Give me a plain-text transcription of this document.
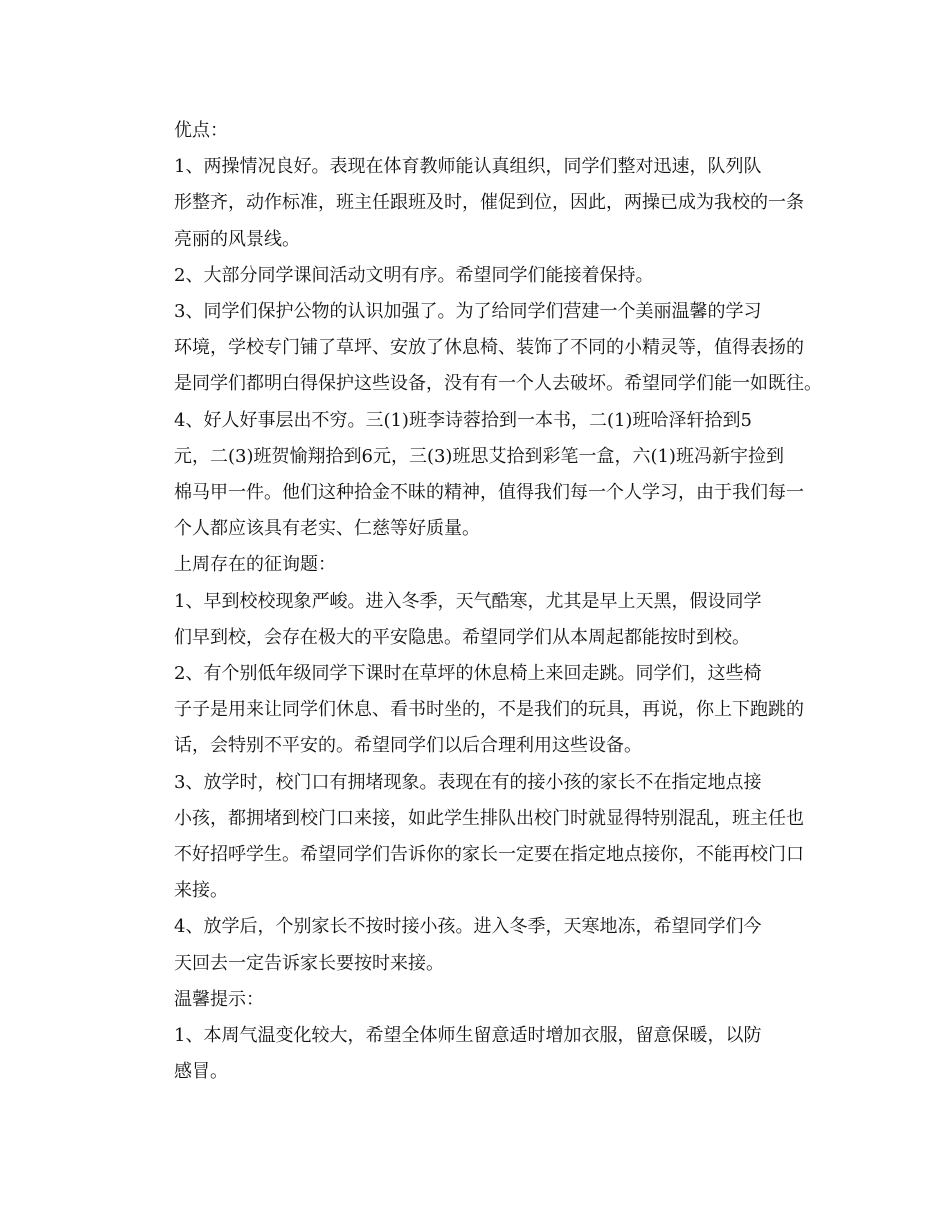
优点：

1、两操情况良好。表现在体育教师能认真组织，同学们整对迅速，队列队
形整齐，动作标准，班主任跟班及时，催促到位，因此，两操已成为我校的一条
亮丽的风景线。

2、大部分同学课间活动文明有序。希望同学们能接着保持。

3、同学们保护公物的认识加强了。为了给同学们营建一个美丽温馨的学习
环境，学校专门铺了草坪、安放了休息椅、装饰了不同的小精灵等，值得表扬的
是同学们都明白得保护这些设备，没有有一个人去破坏。希望同学们能一如既往。

4、好人好事层出不穷。三(1)班李诗蓉拾到一本书，二(1)班哈泽轩拾到5
元，二(3)班贺愉翔拾到6元，三(3)班思艾拾到彩笔一盒，六(1)班冯新宇捡到
棉马甲一件。他们这种拾金不昧的精神，值得我们每一个人学习，由于我们每一
个人都应该具有老实、仁慈等好质量。

上周存在的征询题：

1、早到校校现象严峻。进入冬季，天气酷寒，尤其是早上天黑，假设同学
们早到校，会存在极大的平安隐患。希望同学们从本周起都能按时到校。

2、有个别低年级同学下课时在草坪的休息椅上来回走跳。同学们，这些椅
子子是用来让同学们休息、看书时坐的，不是我们的玩具，再说，你上下跑跳的
话，会特别不平安的。希望同学们以后合理利用这些设备。

3、放学时，校门口有拥堵现象。表现在有的接小孩的家长不在指定地点接
小孩，都拥堵到校门口来接，如此学生排队出校门时就显得特别混乱，班主任也
不好招呼学生。希望同学们告诉你的家长一定要在指定地点接你，不能再校门口
来接。

4、放学后，个别家长不按时接小孩。进入冬季，天寒地冻，希望同学们今
天回去一定告诉家长要按时来接。

温馨提示：

1、本周气温变化较大，希望全体师生留意适时增加衣服，留意保暖，以防
感冒。
